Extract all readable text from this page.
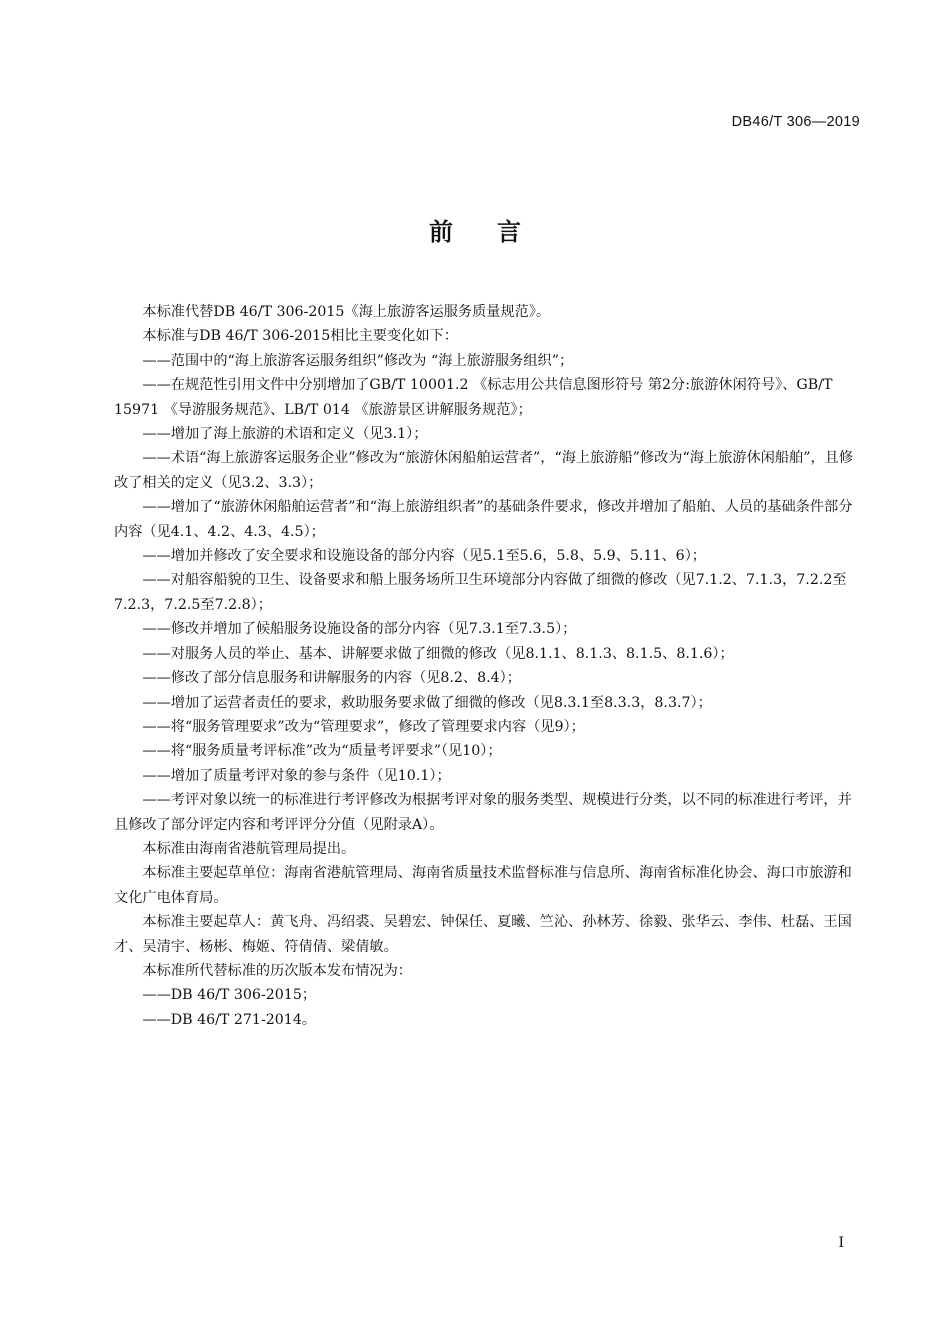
DB46/T 306—2019
前言

本标准代替DB 46/T 306-2015《海上旅游客运服务质量规范》。

本标准与DB 46/T 306-2015相比主要变化如下：

——范围中的“海上旅游客运服务组织”修改为 “海上旅游服务组织”；

——在规范性引用文件中分别增加了GB/T 10001.2 《标志用公共信息图形符号 第2分:旅游休闲符号》、GB/T 15971 《导游服务规范》、LB/T 014 《旅游景区讲解服务规范》；

——增加了海上旅游的术语和定义（见3.1）；

——术语“海上旅游客运服务企业”修改为“旅游休闲船舶运营者”，“海上旅游船”修改为“海上旅游休闲船舶”，且修改了相关的定义（见3.2、3.3）；

——增加了“旅游休闲船舶运营者”和“海上旅游组织者”的基础条件要求，修改并增加了船舶、人员的基础条件部分内容（见4.1、4.2、4.3、4.5）；

——增加并修改了安全要求和设施设备的部分内容（见5.1至5.6，5.8、5.9、5.11、6）；

——对船容船貌的卫生、设备要求和船上服务场所卫生环境部分内容做了细微的修改（见7.1.2、7.1.3，7.2.2至7.2.3，7.2.5至7.2.8）；

——修改并增加了候船服务设施设备的部分内容（见7.3.1至7.3.5）；

——对服务人员的举止、基本、讲解要求做了细微的修改（见8.1.1、8.1.3、8.1.5、8.1.6）；

——修改了部分信息服务和讲解服务的内容（见8.2、8.4）；

——增加了运营者责任的要求，救助服务要求做了细微的修改（见8.3.1至8.3.3，8.3.7）；

——将“服务管理要求”改为“管理要求”，修改了管理要求内容（见9）；

——将“服务质量考评标准”改为“质量考评要求”（见10）；

——增加了质量考评对象的参与条件（见10.1）；

——考评对象以统一的标准进行考评修改为根据考评对象的服务类型、规模进行分类，以不同的标准进行考评，并且修改了部分评定内容和考评评分分值（见附录A）。

本标准由海南省港航管理局提出。

本标准主要起草单位：海南省港航管理局、海南省质量技术监督标准与信息所、海南省标准化协会、海口市旅游和文化广电体育局。

本标准主要起草人：黄飞舟、冯绍裘、吴碧宏、钟保任、夏曦、竺沁、孙林芳、徐毅、张华云、李伟、杜磊、王国才、吴清宇、杨彬、梅姬、符倩倩、梁倩敏。

本标准所代替标准的历次版本发布情况为：

——DB 46/T 306-2015；

——DB 46/T 271-2014。

I
